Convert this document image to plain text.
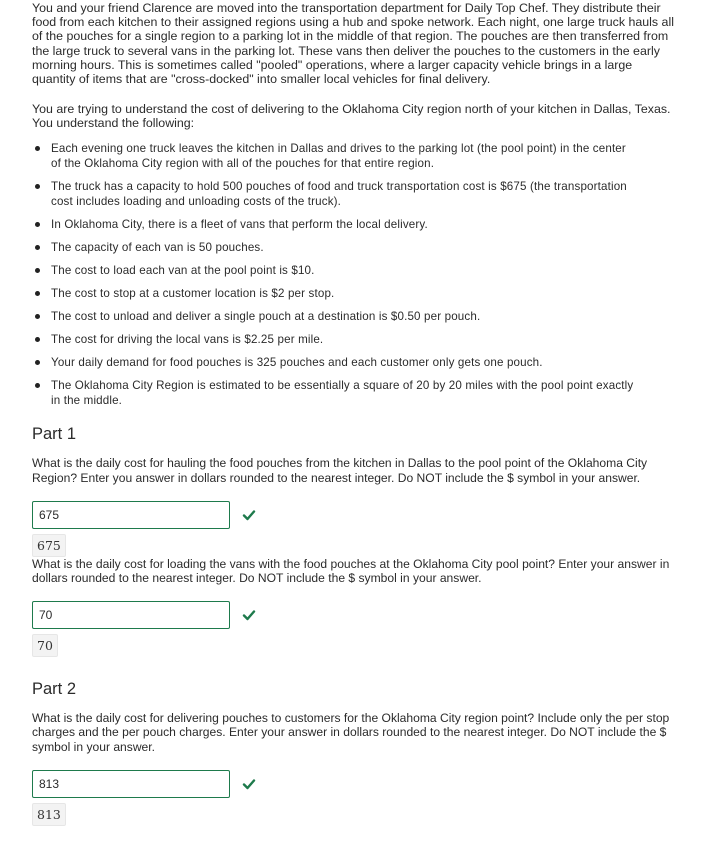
You and your friend Clarence are moved into the transportation department for Daily Top Chef. They distribute their food from each kitchen to their assigned regions using a hub and spoke network. Each night, one large truck hauls all of the pouches for a single region to a parking lot in the middle of that region. The pouches are then transferred from the large truck to several vans in the parking lot. These vans then deliver the pouches to the customers in the early morning hours. This is sometimes called "pooled" operations, where a larger capacity vehicle brings in a large quantity of items that are "cross-docked" into smaller local vehicles for final delivery.

You are trying to understand the cost of delivering to the Oklahoma City region north of your kitchen in Dallas, Texas. You understand the following:

Each evening one truck leaves the kitchen in Dallas and drives to the parking lot (the pool point) in the center of the Oklahoma City region with all of the pouches for that entire region.
The truck has a capacity to hold 500 pouches of food and truck transportation cost is $675 (the transportation cost includes loading and unloading costs of the truck).
In Oklahoma City, there is a fleet of vans that perform the local delivery.
The capacity of each van is 50 pouches.
The cost to load each van at the pool point is $10.
The cost to stop at a customer location is $2 per stop.
The cost to unload and deliver a single pouch at a destination is $0.50 per pouch.
The cost for driving the local vans is $2.25 per mile.
Your daily demand for food pouches is 325 pouches and each customer only gets one pouch.
The Oklahoma City Region is estimated to be essentially a square of 20 by 20 miles with the pool point exactly in the middle.
Part 1

What is the daily cost for hauling the food pouches from the kitchen in Dallas to the pool point of the Oklahoma City Region? Enter you answer in dollars rounded to the nearest integer. Do NOT include the $ symbol in your answer.

675
675

What is the daily cost for loading the vans with the food pouches at the Oklahoma City pool point? Enter your answer in dollars rounded to the nearest integer. Do NOT include the $ symbol in your answer.

70
70
Part 2

What is the daily cost for delivering pouches to customers for the Oklahoma City region point? Include only the per stop charges and the per pouch charges. Enter your answer in dollars rounded to the nearest integer. Do NOT include the $ symbol in your answer.

813
813
